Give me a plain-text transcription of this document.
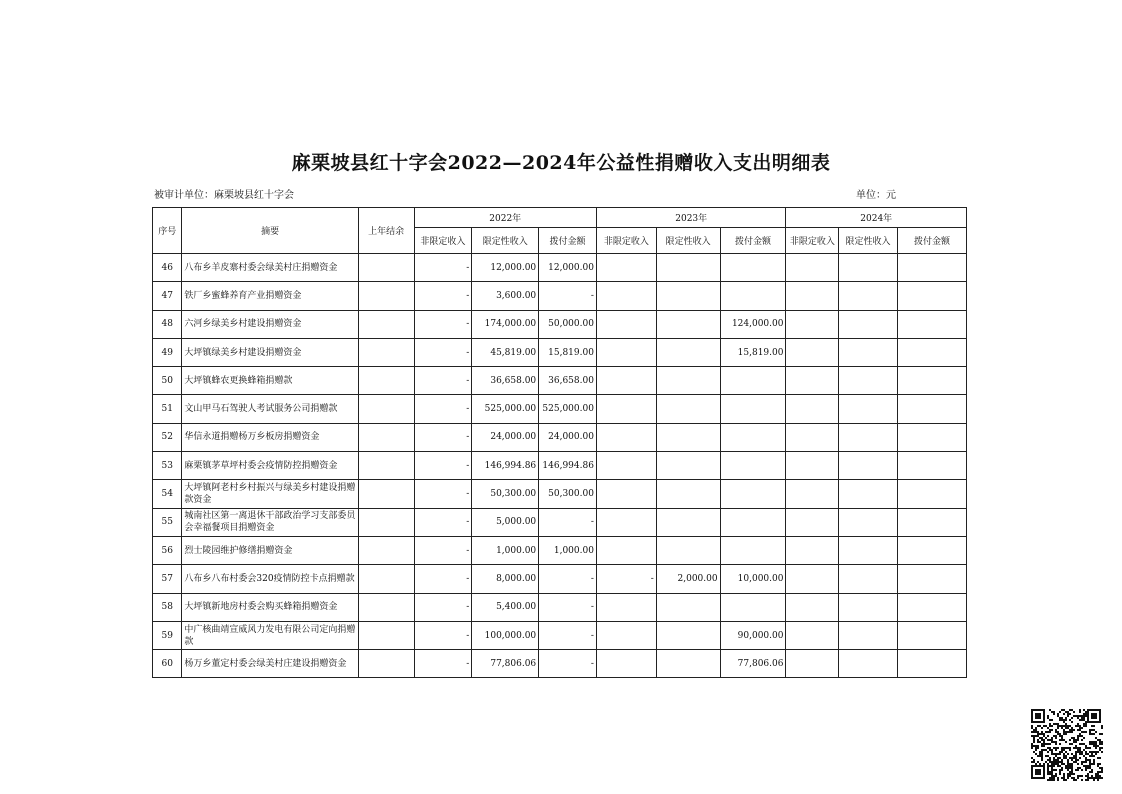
麻栗坡县红十字会2022—2024年公益性捐赠收入支出明细表
被审计单位：麻栗坡县红十字会	单位：元
序号	摘要	上年结余	2022年			2023年			2024年		
			非限定收入	限定性收入	拨付金额	非限定收入	限定性收入	拨付金额	非限定收入	限定性收入	拨付金额
46	八布乡羊皮寨村委会绿美村庄捐赠资金		-	12,000.00	12,000.00						
47	铁厂乡蜜蜂养育产业捐赠资金		-	3,600.00	-						
48	六河乡绿美乡村建设捐赠资金		-	174,000.00	50,000.00			124,000.00			
49	大坪镇绿美乡村建设捐赠资金		-	45,819.00	15,819.00			15,819.00			
50	大坪镇蜂农更换蜂箱捐赠款		-	36,658.00	36,658.00						
51	文山甲马石驾驶人考试服务公司捐赠款		-	525,000.00	525,000.00						
52	华信永道捐赠杨万乡板房捐赠资金		-	24,000.00	24,000.00						
53	麻栗镇茅草坪村委会疫情防控捐赠资金		-	146,994.86	146,994.86						
54	大坪镇阿老村乡村振兴与绿美乡村建设捐赠款资金		-	50,300.00	50,300.00						
55	城南社区第一离退休干部政治学习支部委员会幸福餐项目捐赠资金		-	5,000.00	-						
56	烈士陵园维护修缮捐赠资金		-	1,000.00	1,000.00						
57	八布乡八布村委会320疫情防控卡点捐赠款		-	8,000.00	-	-	2,000.00	10,000.00			
58	大坪镇新地房村委会购买蜂箱捐赠资金		-	5,400.00	-						
59	中广核曲靖宣威风力发电有限公司定向捐赠款		-	100,000.00	-			90,000.00			
60	杨万乡董定村委会绿美村庄建设捐赠资金		-	77,806.06	-			77,806.06			
